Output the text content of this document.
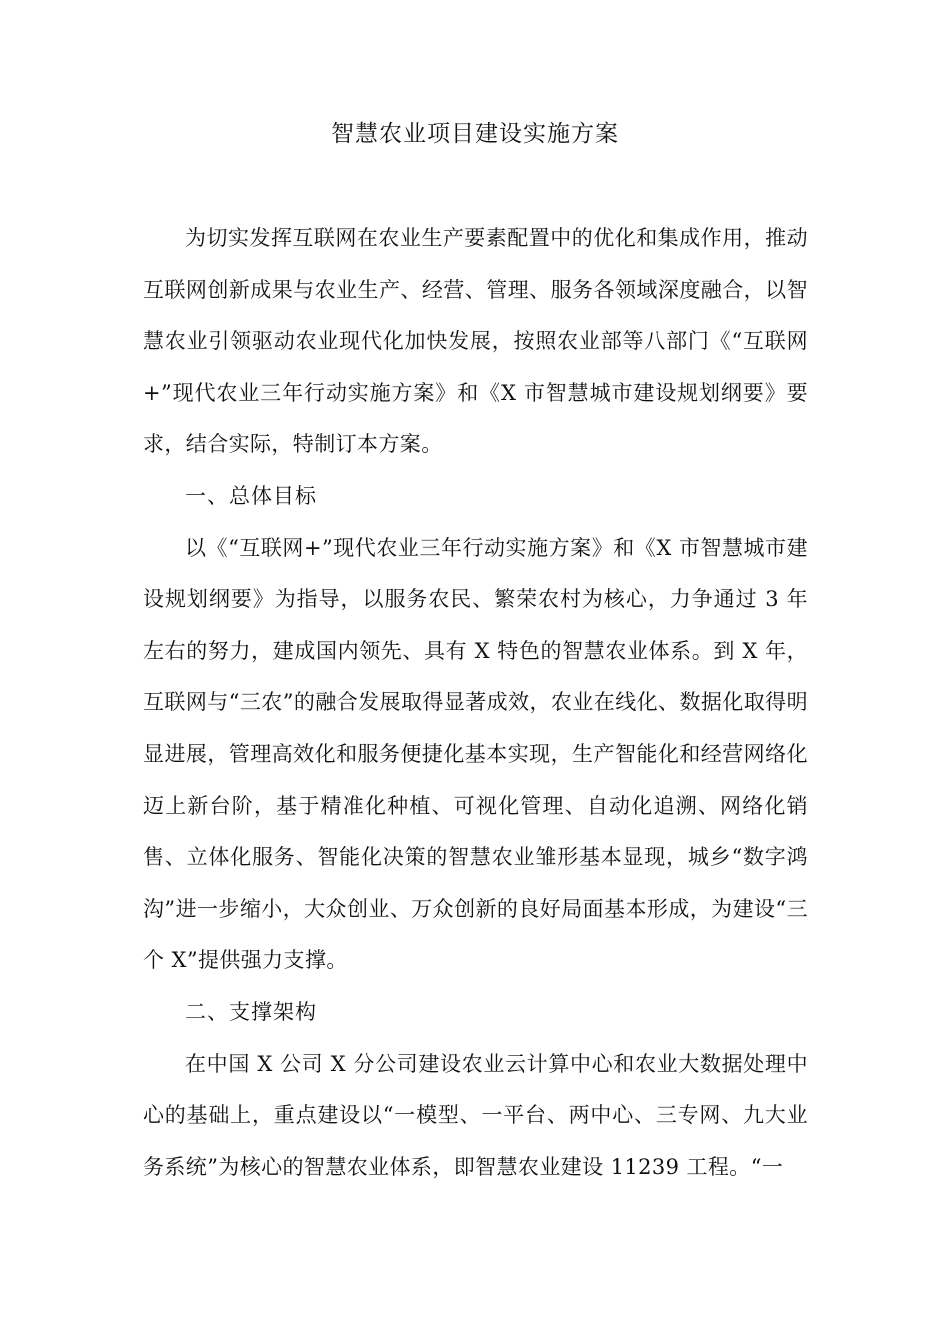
智慧农业项目建设实施方案

为切实发挥互联网在农业生产要素配置中的优化和集成作用，推动互联网创新成果与农业生产、经营、管理、服务各领域深度融合，以智慧农业引领驱动农业现代化加快发展，按照农业部等八部门《“互联网+”现代农业三年行动实施方案》和《X 市智慧城市建设规划纲要》要求，结合实际，特制订本方案。

一、总体目标

以《“互联网+”现代农业三年行动实施方案》和《X 市智慧城市建设规划纲要》为指导，以服务农民、繁荣农村为核心，力争通过 3 年左右的努力，建成国内领先、具有 X 特色的智慧农业体系。到 X 年，互联网与“三农”的融合发展取得显著成效，农业在线化、数据化取得明显进展，管理高效化和服务便捷化基本实现，生产智能化和经营网络化迈上新台阶，基于精准化种植、可视化管理、自动化追溯、网络化销售、立体化服务、智能化决策的智慧农业雏形基本显现，城乡“数字鸿沟”进一步缩小，大众创业、万众创新的良好局面基本形成，为建设“三个 X”提供强力支撑。

二、支撑架构

在中国 X 公司 X 分公司建设农业云计算中心和农业大数据处理中心的基础上，重点建设以“一模型、一平台、两中心、三专网、九大业务系统”为核心的智慧农业体系，即智慧农业建设 11239 工程。“一
